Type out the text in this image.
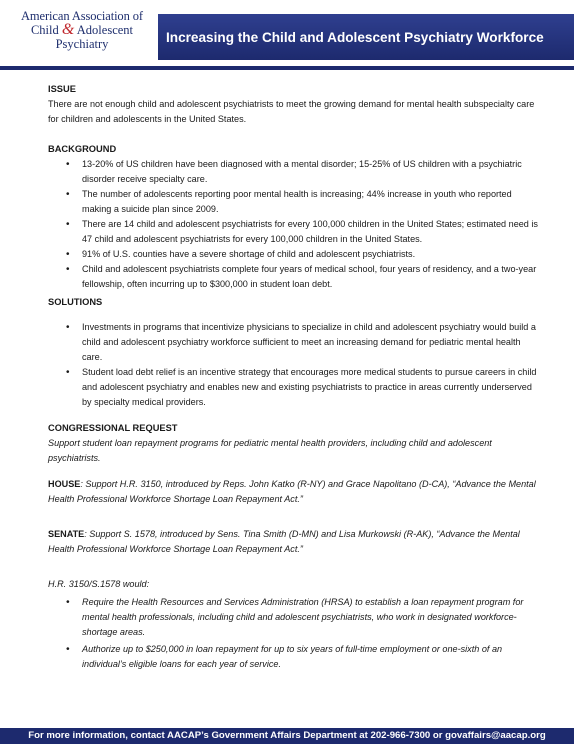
American Association of
Child & Adolescent
Psychiatry	Increasing the Child and Adolescent Psychiatry Workforce
ISSUE
There are not enough child and adolescent psychiatrists to meet the growing demand for mental health subspecialty care for children and adolescents in the United States.
BACKGROUND
• 13-20% of US children have been diagnosed with a mental disorder; 15-25% of US children with a psychiatric disorder receive specialty care.
• The number of adolescents reporting poor mental health is increasing; 44% increase in youth who reported making a suicide plan since 2009.
• There are 14 child and adolescent psychiatrists for every 100,000 children in the United States; estimated need is 47 child and adolescent psychiatrists for every 100,000 children in the United States.
• 91% of U.S. counties have a severe shortage of child and adolescent psychiatrists.
• Child and adolescent psychiatrists complete four years of medical school, four years of residency, and a two-year fellowship, often incurring up to $300,000 in student loan debt.
SOLUTIONS
• Investments in programs that incentivize physicians to specialize in child and adolescent psychiatry would build a child and adolescent psychiatry workforce sufficient to meet an increasing demand for pediatric mental health care.
• Student load debt relief is an incentive strategy that encourages more medical students to pursue careers in child and adolescent psychiatry and enables new and existing psychiatrists to practice in areas currently underserved by specialty medical providers.
CONGRESSIONAL REQUEST
Support student loan repayment programs for pediatric mental health providers, including child and adolescent psychiatrists.
HOUSE: Support H.R. 3150, introduced by Reps. John Katko (R-NY) and Grace Napolitano (D-CA), “Advance the Mental Health Professional Workforce Shortage Loan Repayment Act.”
SENATE: Support S. 1578, introduced by Sens. Tina Smith (D-MN) and Lisa Murkowski (R-AK), “Advance the Mental Health Professional Workforce Shortage Loan Repayment Act.”
H.R. 3150/S.1578 would:
• Require the Health Resources and Services Administration (HRSA) to establish a loan repayment program for mental health professionals, including child and adolescent psychiatrists, who work in designated workforce-shortage areas.
• Authorize up to $250,000 in loan repayment for up to six years of full-time employment or one-sixth of an individual’s eligible loans for each year of service.
For more information, contact AACAP’s Government Affairs Department at 202-966-7300 or govaffairs@aacap.org
